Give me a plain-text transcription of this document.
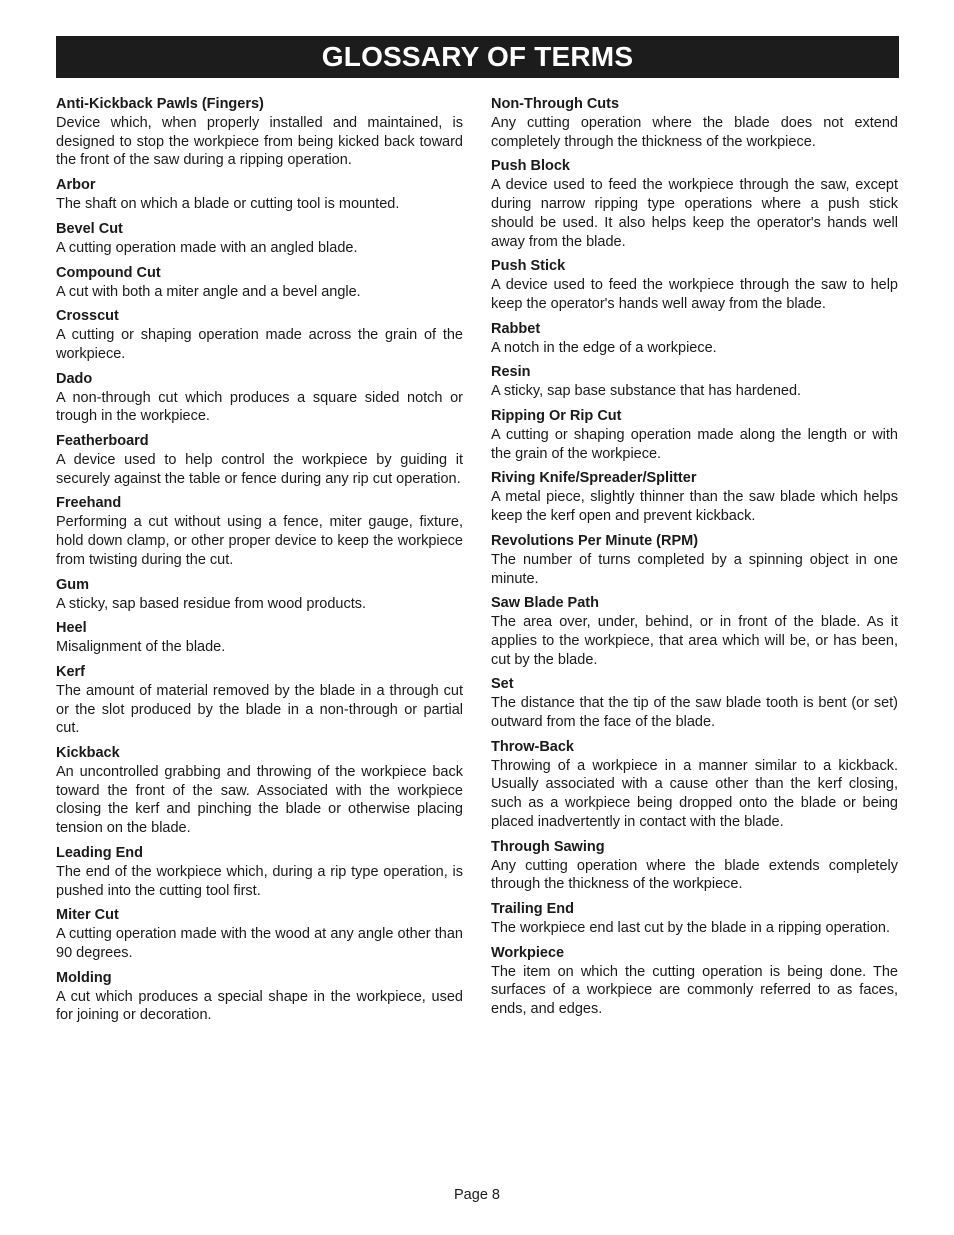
GLOSSARY OF TERMS
Anti-Kickback Pawls (Fingers)
Device which, when properly installed and maintained, is designed to stop the workpiece from being kicked back toward the front of the saw during a ripping operation.
Arbor
The shaft on which a blade or cutting tool is mounted.
Bevel Cut
A cutting operation made with an angled blade.
Compound Cut
A cut with both a miter angle and a bevel angle.
Crosscut
A cutting or shaping operation made across the grain of the workpiece.
Dado
A non-through cut which produces a square sided notch or trough in the workpiece.
Featherboard
A device used to help control the workpiece by guiding it securely against the table or fence during any rip cut operation.
Freehand
Performing a cut without using a fence, miter gauge, fixture, hold down clamp, or other proper device to keep the workpiece from twisting during the cut.
Gum
A sticky, sap based residue from wood products.
Heel
Misalignment of the blade.
Kerf
The amount of material removed by the blade in a through cut or the slot produced by the blade in a non-through or partial cut.
Kickback
An uncontrolled grabbing and throwing of the workpiece back toward the front of the saw. Associated with the workpiece closing the kerf and pinching the blade or otherwise placing tension on the blade.
Leading End
The end of the workpiece which, during a rip type operation, is pushed into the cutting tool first.
Miter Cut
A cutting operation made with the wood at any angle other than 90 degrees.
Molding
A cut which produces a special shape in the workpiece, used for joining or decoration.
Non-Through Cuts
Any cutting operation where the blade does not extend completely through the thickness of the workpiece.
Push Block
A device used to feed the workpiece through the saw, except during narrow ripping type operations where a push stick should be used. It also helps keep the operator's hands well away from the blade.
Push Stick
A device used to feed the workpiece through the saw to help keep the operator's hands well away from the blade.
Rabbet
A notch in the edge of a workpiece.
Resin
A sticky, sap base substance that has hardened.
Ripping Or Rip Cut
A cutting or shaping operation made along the length or with the grain of the workpiece.
Riving Knife/Spreader/Splitter
A metal piece, slightly thinner than the saw blade which helps keep the kerf open and prevent kickback.
Revolutions Per Minute (RPM)
The number of turns completed by a spinning object in one minute.
Saw Blade Path
The area over, under, behind, or in front of the blade. As it applies to the workpiece, that area which will be, or has been, cut by the blade.
Set
The distance that the tip of the saw blade tooth is bent (or set) outward from the face of the blade.
Throw-Back
Throwing of a workpiece in a manner similar to a kickback. Usually associated with a cause other than the kerf closing, such as a workpiece being dropped onto the blade or being placed inadvertently in contact with the blade.
Through Sawing
Any cutting operation where the blade extends completely through the thickness of the workpiece.
Trailing End
The workpiece end last cut by the blade in a ripping operation.
Workpiece
The item on which the cutting operation is being done. The surfaces of a workpiece are commonly referred to as faces, ends, and edges.
Page 8
